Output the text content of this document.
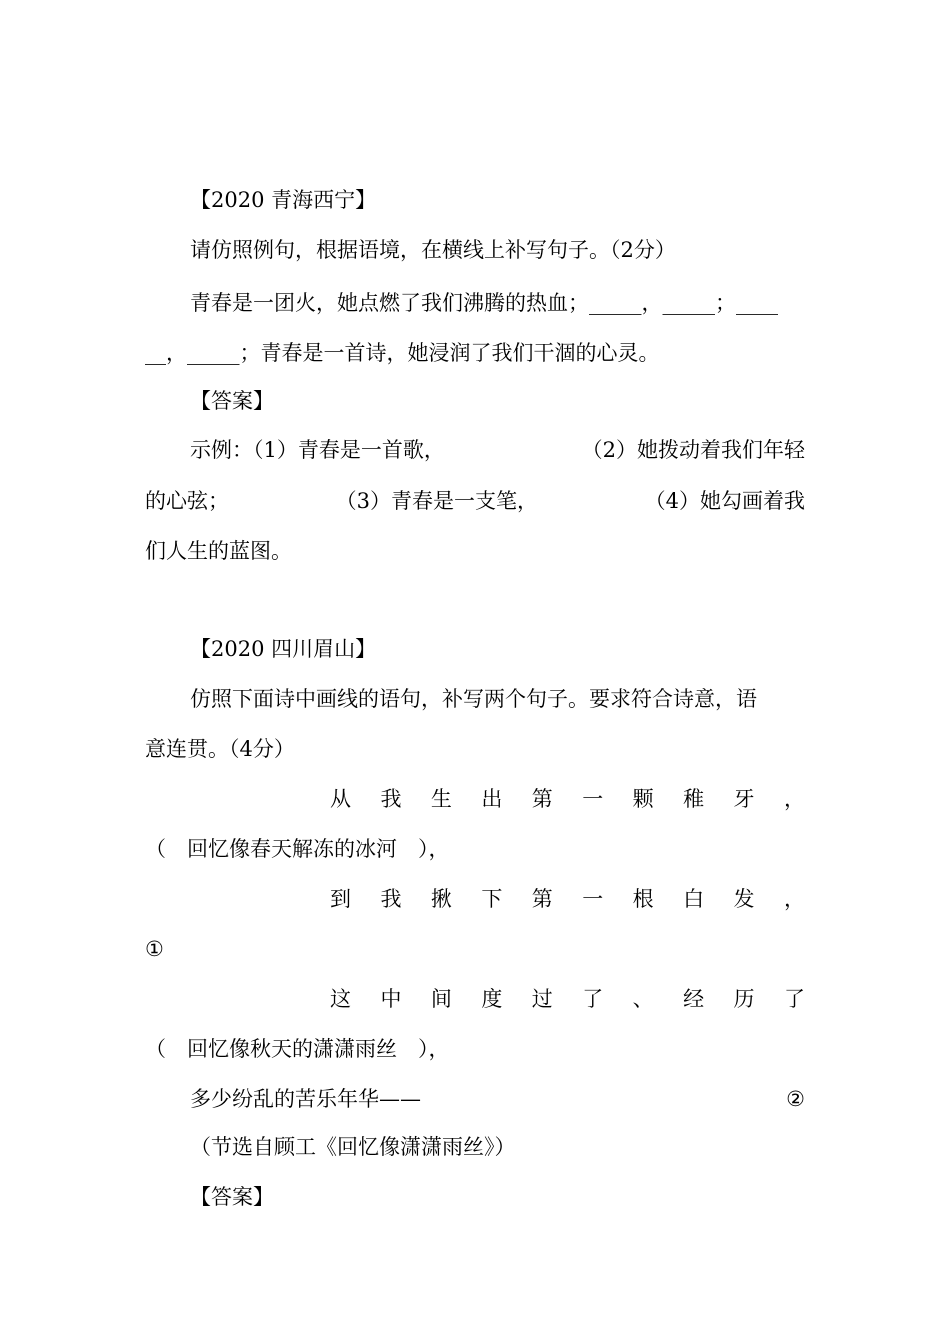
【2020 青海西宁】
请仿照例句，根据语境，在横线上补写句子。（2分）
青春是一团火，她点燃了我们沸腾的热血；_____，_____；____
__，_____；青春是一首诗，她浸润了我们干涸的心灵。
【答案】
示例：（1）青春是一首歌，	（2）她拨动着我们年轻
的心弦；	（3）青春是一支笔，	（4）她勾画着我
们人生的蓝图。
【2020 四川眉山】
仿照下面诗中画线的语句，补写两个句子。要求符合诗意，语
意连贯。（4分）
从 我 生 出 第 一 颗 稚 牙 ，
（　回忆像春天解冻的冰河　），
到 我 揪 下 第 一 根 白 发 ，
①
这 中 间 度 过 了 、 经 历 了
（　回忆像秋天的潇潇雨丝　），
多少纷乱的苦乐年华——	②
（节选自顾工《回忆像潇潇雨丝》）
【答案】
